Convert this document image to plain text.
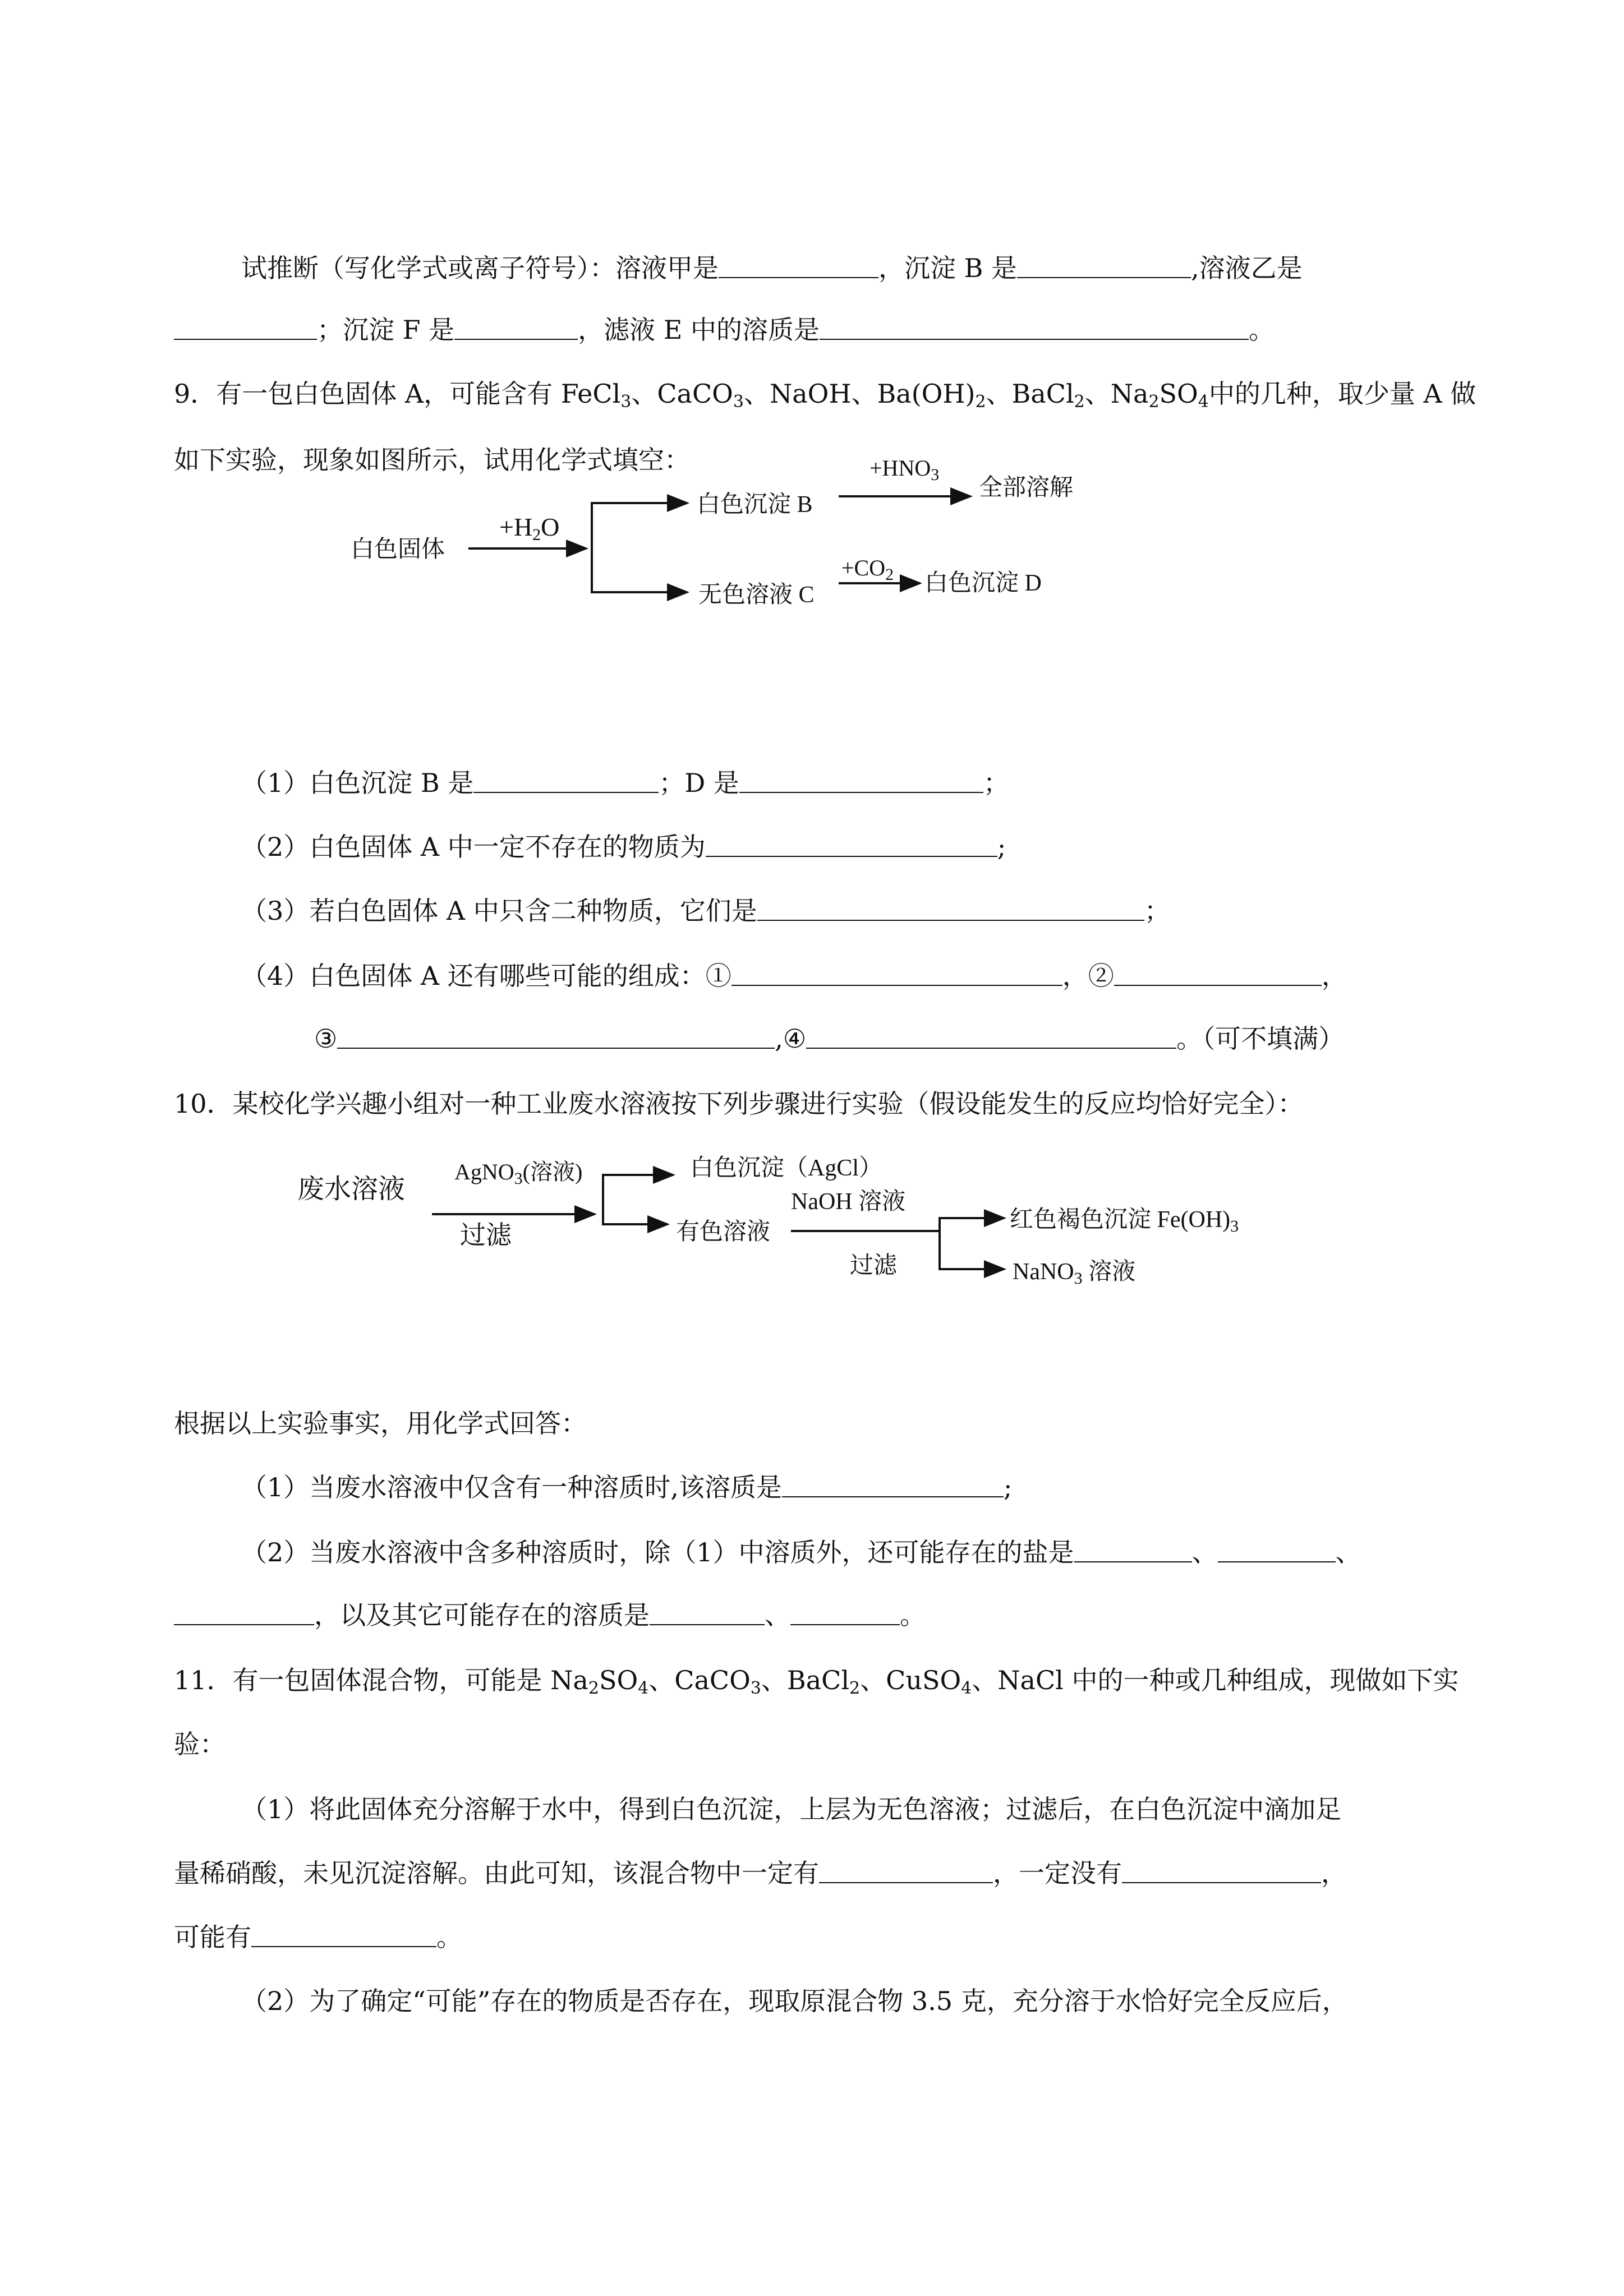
试推断（写化学式或离子符号）：溶液甲是	，沉淀 B 是	,溶液乙是
；沉淀 F 是	，滤液 E 中的溶质是	。
9．有一包白色固体 A，可能含有 FeCl$_3$、CaCO$_3$、NaOH、$Ba(OH)_2$、BaCl$_2$、$Na_2SO_4$中的几种，取少量 A 做
如下实验，现象如图所示，试用化学式填空：
白色固体
$+H_2O$
白色沉淀 B
$+HNO_3$
全部溶解
无色溶液 C
$+CO_2$ 白色沉淀 D
（1）白色沉淀 B 是	；D 是	；
（2）白色固体 A 中一定不存在的物质为	;
（3）若白色固体 A 中只含二种物质，它们是	；
（4）白色固体 A 还有哪些可能的组成：①	，②	，
③	,④	。（可不填满）
10．某校化学兴趣小组对一种工业废水溶液按下列步骤进行实验（假设能发生的反应均恰好完全）：
废水溶液
AgNO$_3$(溶液)
过滤
白色沉淀（AgCl）
有色溶液
NaOH 溶液
过滤
红色褐色沉淀 $Fe(OH)_3$
NaNO$_3$ 溶液
根据以上实验事实，用化学式回答：
（1）当废水溶液中仅含有一种溶质时,该溶质是	;
（2）当废水溶液中含多种溶质时，除（1）中溶质外，还可能存在的盐是	、	、
，以及其它可能存在的溶质是	、	。
11．有一包固体混合物，可能是 $Na_2SO_4$、CaCO$_3$、BaCl$_2$、CuSO$_4$、NaCl 中的一种或几种组成，现做如下实
验：
（1）将此固体充分溶解于水中，得到白色沉淀，上层为无色溶液；过滤后，在白色沉淀中滴加足
量稀硝酸，未见沉淀溶解。由此可知，该混合物中一定有	，一定没有	，
可能有	。
（2）为了确定“可能”存在的物质是否存在，现取原混合物 3.5 克，充分溶于水恰好完全反应后，
